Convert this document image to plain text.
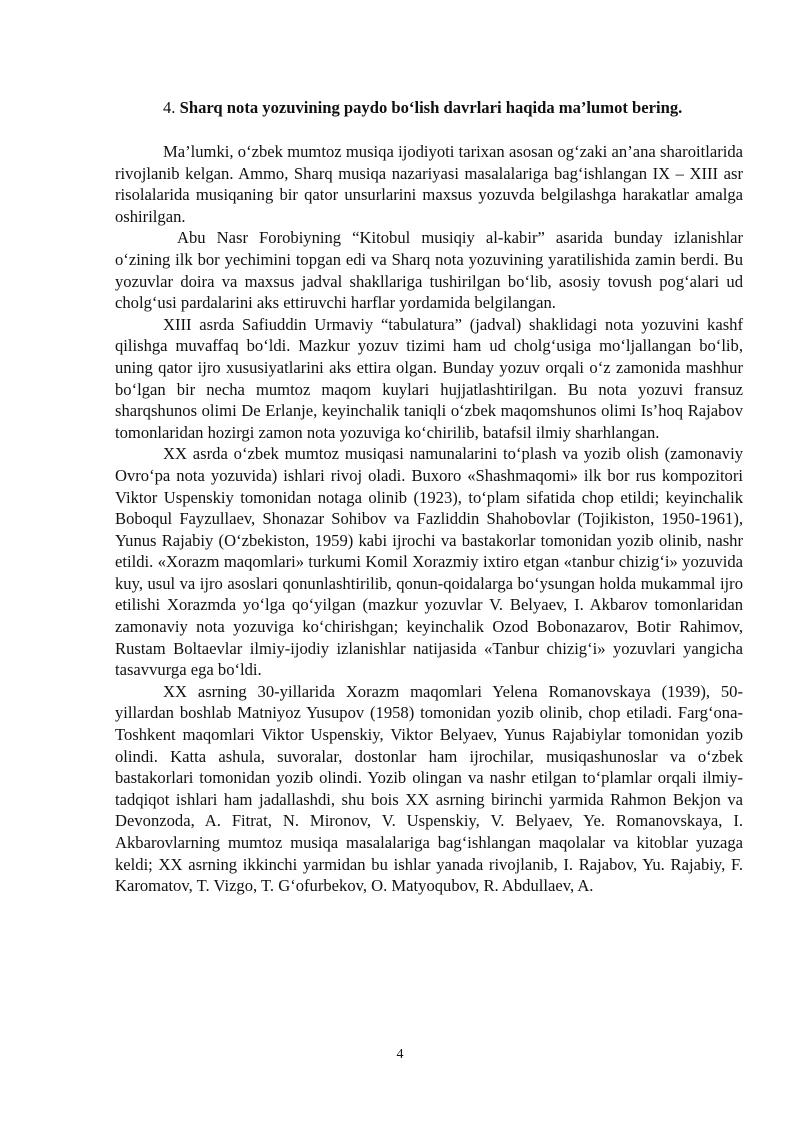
4. Sharq nota yozuvining paydo bo‘lish davrlari haqida ma’lumot bering.

Ma’lumki, o‘zbek mumtoz musiqa ijodiyoti tarixan asosan og‘zaki an’ana sharoitlarida rivojlanib kelgan. Ammo, Sharq musiqa nazariyasi masalalariga bag‘ishlangan IX – XIII asr risolalarida musiqaning bir qator unsurlarini maxsus yozuvda belgilashga harakatlar amalga oshirilgan.

Abu Nasr Forobiyning “Kitobul musiqiy al-kabir” asarida bunday izlanishlar o‘zining ilk bor yechimini topgan edi va Sharq nota yozuvining yaratilishida zamin berdi. Bu yozuvlar doira va maxsus jadval shakllariga tushirilgan bo‘lib, asosiy tovush pog‘alari ud cholg‘usi pardalarini aks ettiruvchi harflar yordamida belgilangan.

XIII asrda Safiuddin Urmaviy “tabulatura” (jadval) shaklidagi nota yozuvini kashf qilishga muvaffaq bo‘ldi. Mazkur yozuv tizimi ham ud cholg‘usiga mo‘ljallangan bo‘lib, uning qator ijro xususiyatlarini aks ettira olgan. Bunday yozuv orqali o‘z zamonida mashhur bo‘lgan bir necha mumtoz maqom kuylari hujjatlashtirilgan. Bu nota yozuvi fransuz sharqshunos olimi De Erlanje, keyinchalik taniqli o‘zbek maqomshunos olimi Is’hoq Rajabov tomonlaridan hozirgi zamon nota yozuviga ko‘chirilib, batafsil ilmiy sharhlangan.

XX asrda o‘zbek mumtoz musiqasi namunalarini to‘plash va yozib olish (zamonaviy Ovro‘pa nota yozuvida) ishlari rivoj oladi. Buxoro «Shashmaqomi» ilk bor rus kompozitori Viktor Uspenskiy tomonidan notaga olinib (1923), to‘plam sifatida chop etildi; keyinchalik Boboqul Fayzullaev, Shonazar Sohibov va Fazliddin Shahobovlar (Tojikiston, 1950-1961), Yunus Rajabiy (O‘zbekiston, 1959) kabi ijrochi va bastakorlar tomonidan yozib olinib, nashr etildi. «Xorazm maqomlari» turkumi Komil Xorazmiy ixtiro etgan «tanbur chizig‘i» yozuvida kuy, usul va ijro asoslari qonunlashtirilib, qonun-qoidalarga bo‘ysungan holda mukammal ijro etilishi Xorazmda yo‘lga qo‘yilgan (mazkur yozuvlar V. Belyaev, I. Akbarov tomonlaridan zamonaviy nota yozuviga ko‘chirishgan; keyinchalik Ozod Bobonazarov, Botir Rahimov, Rustam Boltaevlar ilmiy-ijodiy izlanishlar natijasida «Tanbur chizig‘i» yozuvlari yangicha tasavvurga ega bo‘ldi.

XX asrning 30-yillarida Xorazm maqomlari Yelena Romanovskaya (1939), 50-yillardan boshlab Matniyoz Yusupov (1958) tomonidan yozib olinib, chop etiladi. Farg‘ona-Toshkent maqomlari Viktor Uspenskiy, Viktor Belyaev, Yunus Rajabiylar tomonidan yozib olindi. Katta ashula, suvoralar, dostonlar ham ijrochilar, musiqashunoslar va o‘zbek bastakorlari tomonidan yozib olindi. Yozib olingan va nashr etilgan to‘plamlar orqali ilmiy-tadqiqot ishlari ham jadallashdi, shu bois XX asrning birinchi yarmida Rahmon Bekjon va Devonzoda, A. Fitrat, N. Mironov, V. Uspenskiy, V. Belyaev, Ye. Romanovskaya, I. Akbarovlarning mumtoz musiqa masalalariga bag‘ishlangan maqolalar va kitoblar yuzaga keldi; XX asrning ikkinchi yarmidan bu ishlar yanada rivojlanib, I. Rajabov, Yu. Rajabiy, F. Karomatov, T. Vizgo, T. G‘ofurbekov, O. Matyoqubov, R. Abdullaev, A.

4
